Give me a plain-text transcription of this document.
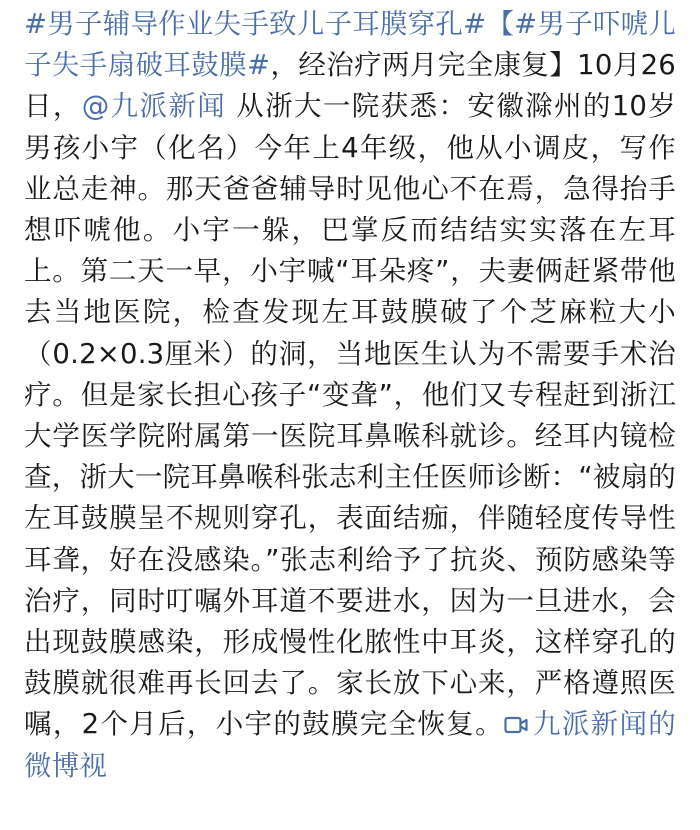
#男子辅导作业失手致儿子耳膜穿孔#【#男子吓唬儿子失手扇破耳鼓膜#，经治疗两月完全康复】10月26日，@九派新闻 从浙大一院获悉：安徽滁州的10岁男孩小宇（化名）今年上4年级，他从小调皮，写作业总走神。那天爸爸辅导时见他心不在焉，急得抬手想吓唬他。小宇一躲，巴掌反而结结实实落在左耳上。第二天一早，小宇喊“耳朵疼”，夫妻俩赶紧带他去当地医院，检查发现左耳鼓膜破了个芝麻粒大小（0.2×0.3厘米）的洞，当地医生认为不需要手术治疗。但是家长担心孩子“变聋”，他们又专程赶到浙江大学医学院附属第一医院耳鼻喉科就诊。经耳内镜检查，浙大一院耳鼻喉科张志利主任医师诊断：“被扇的左耳鼓膜呈不规则穿孔，表面结痂，伴随轻度传导性耳聋，好在没感染。”张志利给予了抗炎、预防感染等治疗，同时叮嘱外耳道不要进水，因为一旦进水，会出现鼓膜感染，形成慢性化脓性中耳炎，这样穿孔的鼓膜就很难再长回去了。家长放下心来，严格遵照医嘱，2个月后，小宇的鼓膜完全恢复。 九派新闻的微博视
